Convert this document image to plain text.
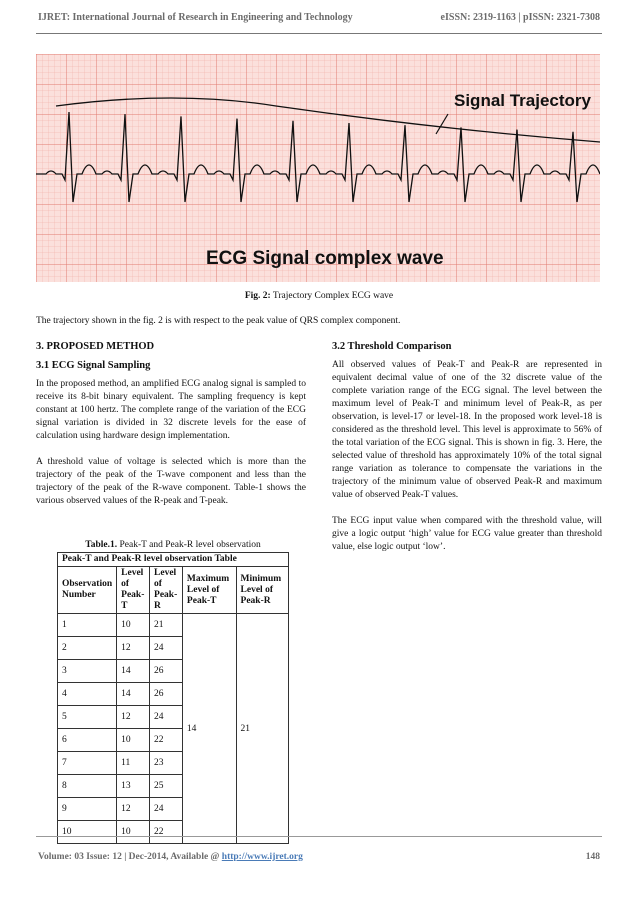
IJRET: International Journal of Research in Engineering and Technology	eISSN: 2319-1163 | pISSN: 2321-7308
Signal Trajectory
ECG Signal complex wave
Fig. 2: Trajectory Complex ECG wave
The trajectory shown in the fig. 2 is with respect to the peak value of QRS complex component.
3. PROPOSED METHOD
3.1 ECG Signal Sampling

In the proposed method, an amplified ECG analog signal is sampled to receive its 8-bit binary equivalent. The sampling frequency is kept constant at 100 hertz. The complete range of the variation of the ECG signal variation is divided in 32 discrete levels for the ease of calculation using hardware design implementation.

A threshold value of voltage is selected which is more than the trajectory of the peak of the T-wave component and less than the trajectory of the peak of the R-wave component. Table-1 shows the various observed values of the R-peak and T-peak.

3.2 Threshold Comparison

All observed values of Peak-T and Peak-R are represented in equivalent decimal value of one of the 32 discrete value of the complete variation range of the ECG signal. The level between the maximum level of Peak-T and minimum level of Peak-R, as per observation, is level-17 or level-18. In the proposed work level-18 is considered as the threshold level. This level is approximate to 56% of the total variation of the ECG signal. This is shown in fig. 3. Here, the selected value of threshold has approximately 10% of the total signal range variation as tolerance to compensate the variations in the trajectory of the minimum value of observed Peak-R and maximum value of observed Peak-T values.

The ECG input value when compared with the threshold value, will give a logic output ‘high’ value for ECG value greater than threshold value, else logic output ‘low’.

Table.1. Peak-T and Peak-R level observation
Peak-T and Peak-R level observation Table				
Observation Number	Level of Peak-T	Level of Peak-R	Maximum Level of Peak-T	Minimum Level of Peak-R
1	10	21	14	21
2	12	24		
3	14	26		
4	14	26		
5	12	24		
6	10	22		
7	11	23		
8	13	25		
9	12	24		
10	10	22		
Volume: 03 Issue: 12 | Dec-2014, Available @ http://www.ijret.org	148
